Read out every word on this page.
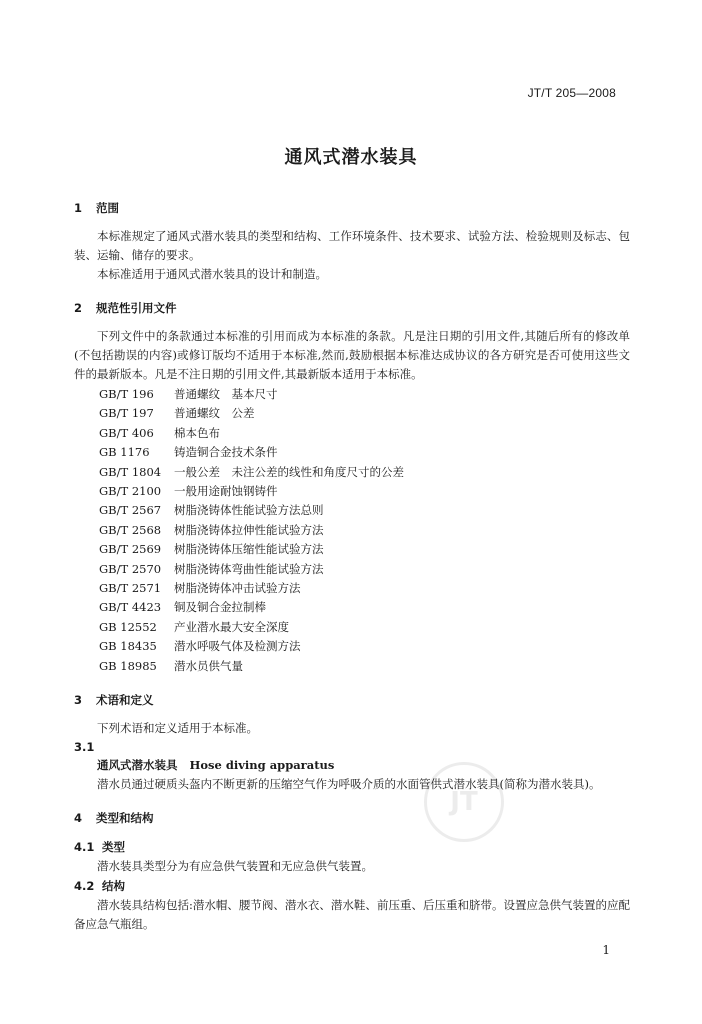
JT/T 205—2008
通风式潜水装具
JT
1 范围

本标准规定了通风式潜水装具的类型和结构、工作环境条件、技术要求、试验方法、检验规则及标志、包装、运输、储存的要求。

本标准适用于通风式潜水装具的设计和制造。

2 规范性引用文件

下列文件中的条款通过本标准的引用而成为本标准的条款。凡是注日期的引用文件,其随后所有的修改单(不包括勘误的内容)或修订版均不适用于本标准,然而,鼓励根据本标准达成协议的各方研究是否可使用这些文件的最新版本。凡是不注日期的引用文件,其最新版本适用于本标准。

GB/T 196	普通螺纹　基本尺寸
GB/T 197	普通螺纹　公差
GB/T 406	棉本色布
GB 1176	铸造铜合金技术条件
GB/T 1804	一般公差　未注公差的线性和角度尺寸的公差
GB/T 2100	一般用途耐蚀钢铸件
GB/T 2567	树脂浇铸体性能试验方法总则
GB/T 2568	树脂浇铸体拉伸性能试验方法
GB/T 2569	树脂浇铸体压缩性能试验方法
GB/T 2570	树脂浇铸体弯曲性能试验方法
GB/T 2571	树脂浇铸体冲击试验方法
GB/T 4423	铜及铜合金拉制棒
GB 12552	产业潜水最大安全深度
GB 18435	潜水呼吸气体及检测方法
GB 18985	潜水员供气量
3 术语和定义

下列术语和定义适用于本标准。

3.1
通风式潜水装具 Hose diving apparatus

潜水员通过硬质头盔内不断更新的压缩空气作为呼吸介质的水面管供式潜水装具(简称为潜水装具)。

4 类型和结构
4.1 类型

潜水装具类型分为有应急供气装置和无应急供气装置。

4.2 结构

潜水装具结构包括:潜水帽、腰节阀、潜水衣、潜水鞋、前压重、后压重和脐带。设置应急供气装置的应配备应急气瓶组。

1
